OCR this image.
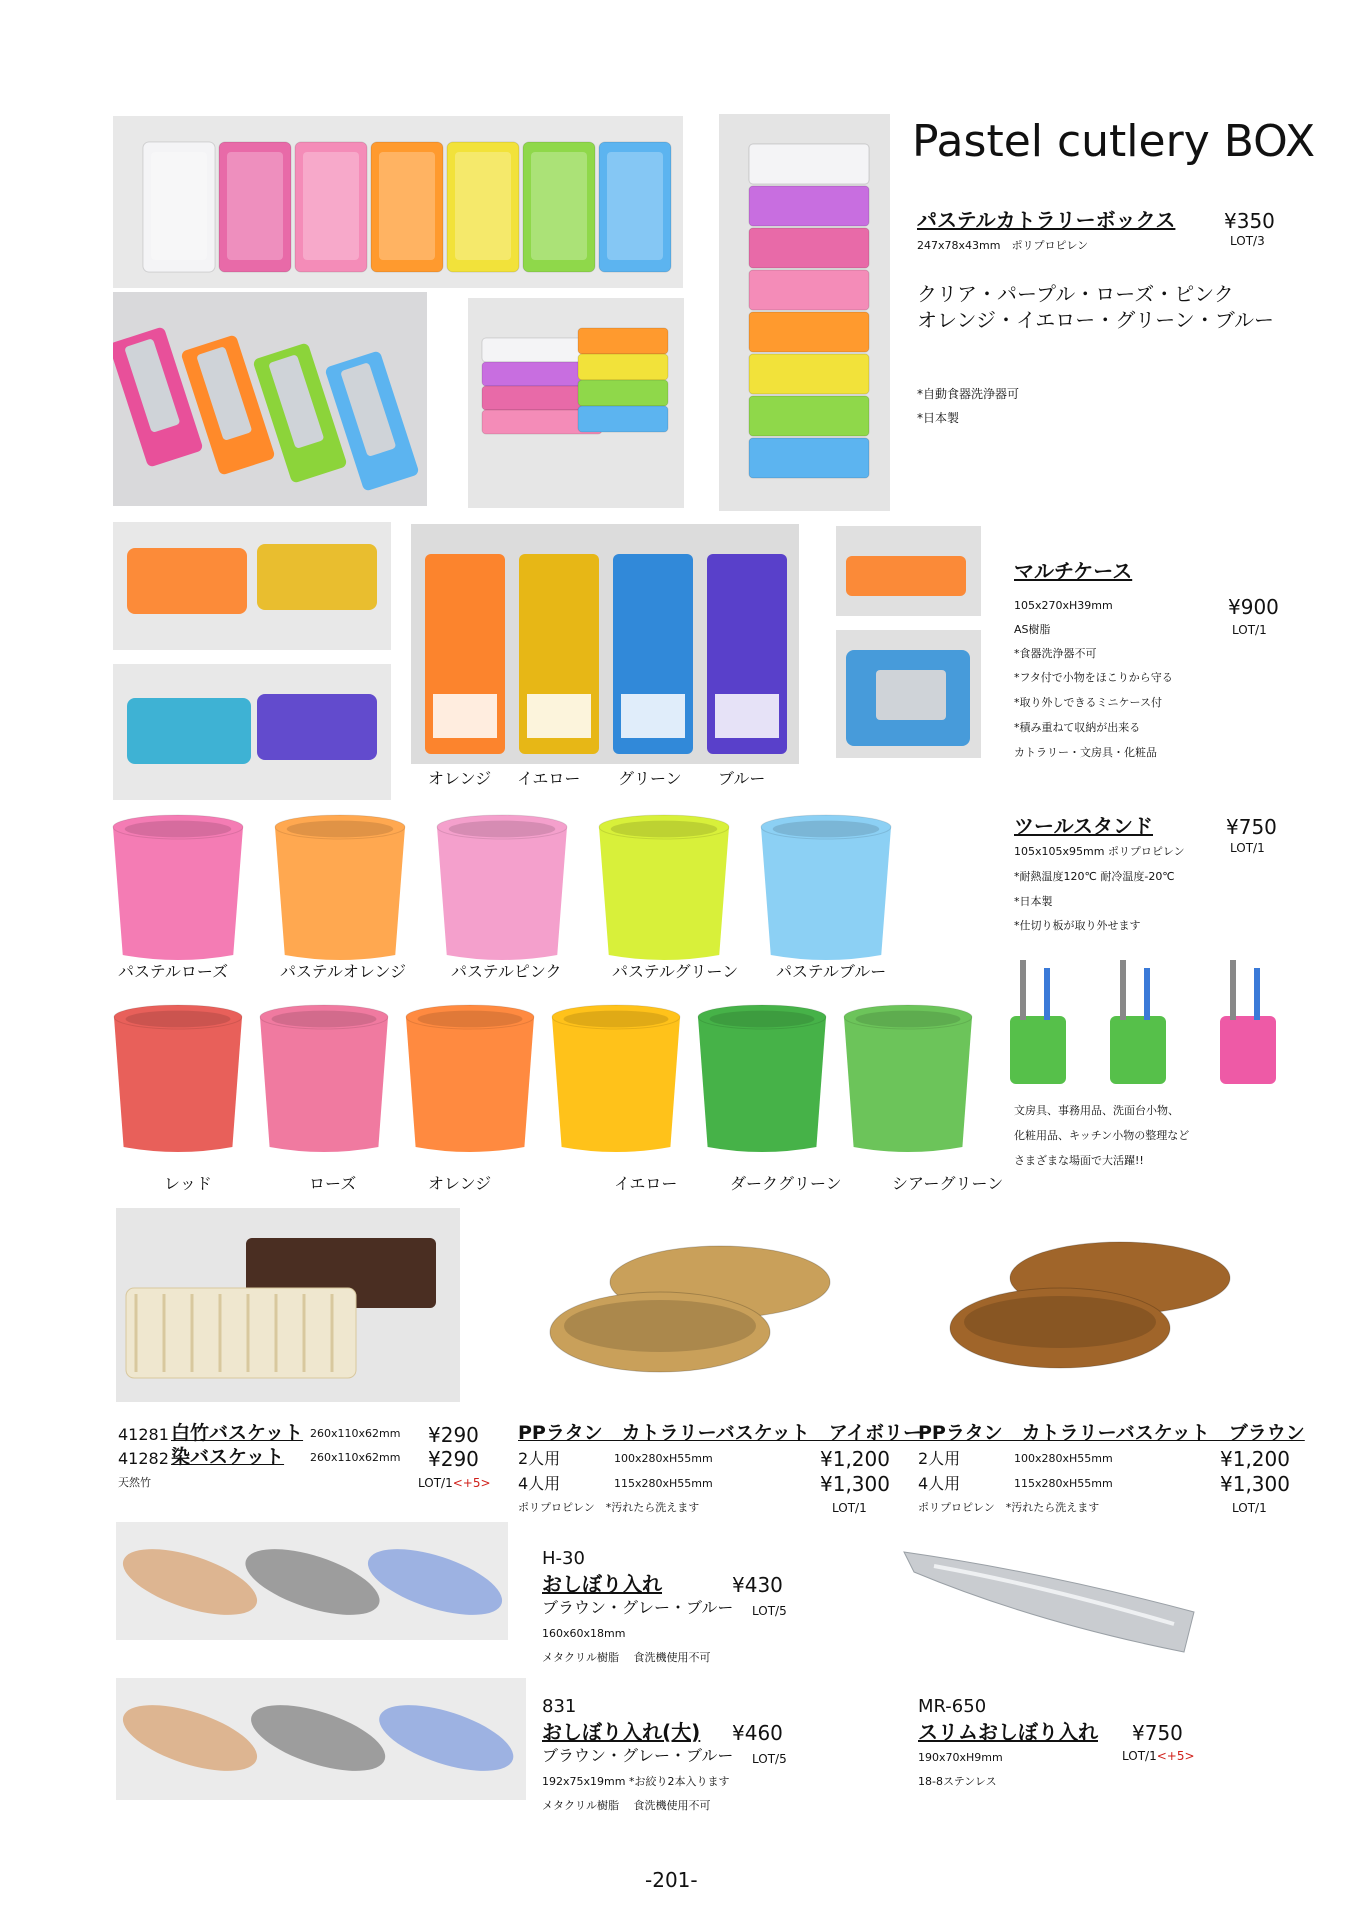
Pastel cutlery BOX
パステルカトラリーボックス ¥350
LOT/3
247x78x43mm　ポリプロピレン
クリア・パープル・ローズ・ピンク
オレンジ・イエロー・グリーン・ブルー
*自動食器洗浄器可
*日本製
オレンジ イエロー グリーン ブルー
マルチケース
105x270xH39mm	¥900
AS樹脂	LOT/1
*食器洗浄器不可
*フタ付で小物をほこりから守る
*取り外しできるミニケース付
*積み重ねて収納が出来る
カトラリー・文房具・化粧品
パステルローズ	パステルオレンジ	パステルピンク	パステルグリーン パステルブルー
レッド	ローズ	オレンジ	イエロー	ダークグリーン	シアーグリーン
ツールスタンド	¥750
105x105x95mm ポリプロピレン	LOT/1
*耐熱温度120℃ 耐冷温度-20℃
*日本製
*仕切り板が取り外せます
文房具、事務用品、洗面台小物、
化粧用品、キッチン小物の整理など
さまざまな場面で大活躍!!
41281 白竹バスケット 260x110x62mm ¥290
41282 染バスケット 260x110x62mm ¥290
天然竹	LOT/1<+5>
PPラタン　カトラリーバスケット　アイボリー
2人用	100x280xH55mm	¥1,200
4人用	115x280xH55mm	¥1,300
ポリプロピレン　*汚れたら洗えます	LOT/1
PPラタン　カトラリーバスケット　ブラウン
2人用	100x280xH55mm	¥1,200
4人用	115x280xH55mm	¥1,300
ポリプロピレン　*汚れたら洗えます	LOT/1
H-30
おしぼり入れ	¥430
ブラウン・グレー・ブルー LOT/5
160x60x18mm
メタクリル樹脂　 食洗機使用不可
831
おしぼり入れ(大) ¥460
ブラウン・グレー・ブルー LOT/5
192x75x19mm *お絞り2本入ります
メタクリル樹脂　 食洗機使用不可
MR-650
スリムおしぼり入れ ¥750
LOT/1<+5>
190x70xH9mm
18-8ステンレス
-201-
